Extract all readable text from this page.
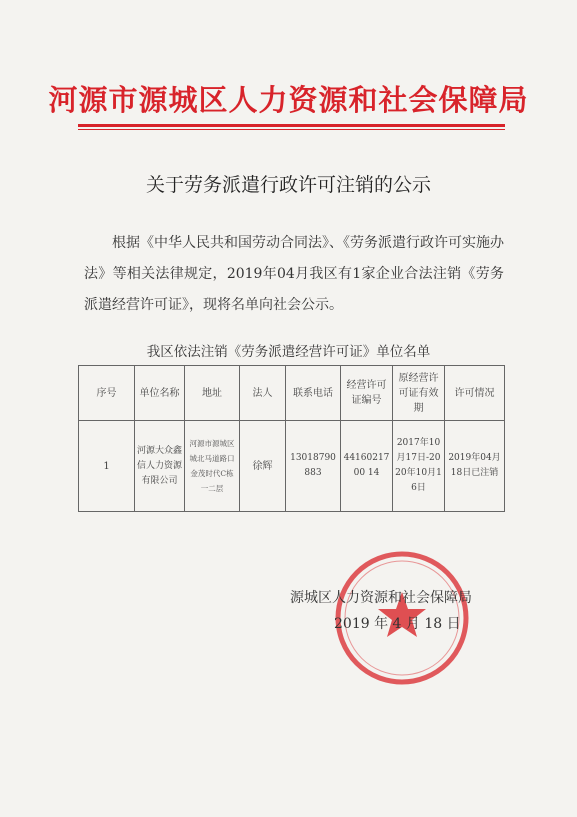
河源市源城区人力资源和社会保障局
关于劳务派遣行政许可注销的公示
根据《中华人民共和国劳动合同法》、《劳务派遣行政许可实施办法》等相关法律规定，2019年04月我区有1家企业合法注销《劳务派遣经营许可证》，现将名单向社会公示。
我区依法注销《劳务派遣经营许可证》单位名单
序号	单位名称	地址	法人	联系电话	经营许可证编号	原经营许可证有效期	许可情况
1	河源大众鑫信人力资源有限公司	河源市源城区城北马道路口金茂时代C栋一二层	徐辉	13018790883	4416021700 14	2017年10月17日-2020年10月16日	2019年04月18日已注销
源城区人力资源和社会保障局
2019 年 4 月 18 日
